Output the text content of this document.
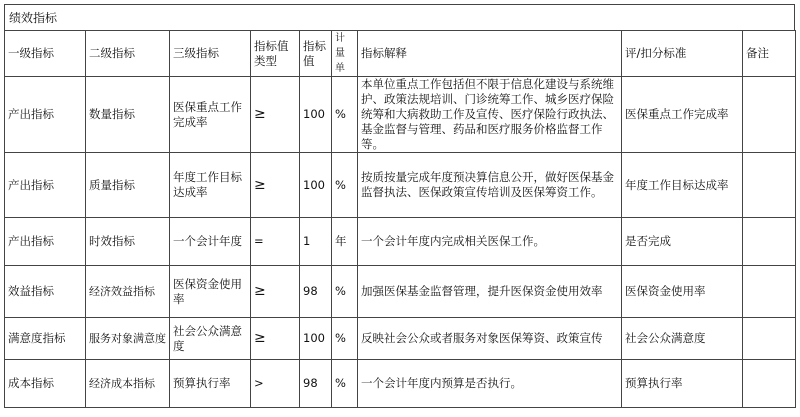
绩效指标
一级指标	二级指标	三级指标	指标值类型	指标值	计量单	指标解释	评/扣分标准	备注
产出指标	数量指标	医保重点工作完成率	≥	100	%	本单位重点工作包括但不限于信息化建设与系统维护、政策法规培训、门诊统筹工作、城乡医疗保险统筹和大病救助工作及宣传、医疗保险行政执法、基金监督与管理、药品和医疗服务价格监督工作等。	医保重点工作完成率	
产出指标	质量指标	年度工作目标达成率	≥	100	%	按质按量完成年度预决算信息公开，做好医保基金监督执法、医保政策宣传培训及医保筹资工作。	年度工作目标达成率	
产出指标	时效指标	一个会计年度	=	1	年	一个会计年度内完成相关医保工作。	是否完成	
效益指标	经济效益指标	医保资金使用率	≥	98	%	加强医保基金监督管理，提升医保资金使用效率	医保资金使用率	
满意度指标	服务对象满意度	社会公众满意度	≥	100	%	反映社会公众或者服务对象医保筹资、政策宣传	社会公众满意度	
成本指标	经济成本指标	预算执行率	>	98	%	一个会计年度内预算是否执行。	预算执行率	
